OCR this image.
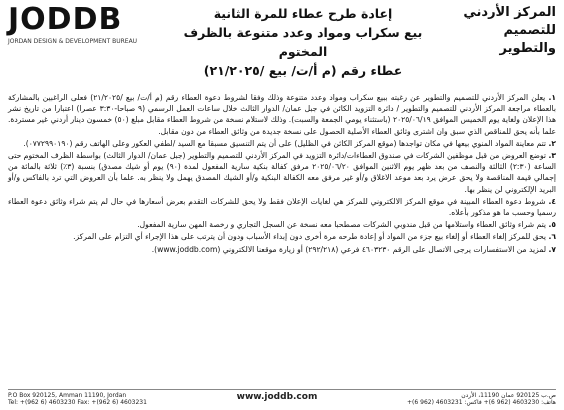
JODDB
JORDAN DESIGN & DEVELOPMENT BUREAU
إعادة طرح عطاء للمرة الثانية
بيع سكراب ومواد وعدد متنوعة بالظرف المختوم
عطاء رقم (م أ/ت/ بيع /٢١/٢٠٢٥)
المركز الأردني
للتصميم والتطوير
١. يعلن المركز الأردني للتصميم والتطوير عن رغبته ببيع سكراب ومواد وعدد متنوعة وذلك وفقا لشروط دعوة العطاء رقم (م أ/ت/ بيع /٢١/٢٠٢٥) فعلى الراغبين بالمشاركة بالعطاء مراجعة المركز الأردني للتصميم والتطوير / دائرة التزويد الكائن في جبل عمان/ الدوار الثالث خلال ساعات العمل الرسمي (٩ صباحا-٣:٣٠ عصرا) اعتبارا من تاريخ نشر هذا الإعلان ولغاية يوم الخميس الموافق ٢٠٢٥/٠٦/١٩ (باستثناء يومي الجمعة والسبت). وذلك لاستلام نسخة من شروط العطاء مقابل مبلغ (٥٠) خمسون دينار أردني غير مستردة. علما بأنه يحق للمناقص الذي سبق وان اشترى وثائق العطاء الأصلية الحصول على نسخة جديدة من وثائق العطاء من دون مقابل.
٢. تتم معاينة المواد المنوي بيعها في مكان تواجدها (موقع المركز الكائن في الظليل) على أن يتم التنسيق مسبقا مع السيد /لطفي العكور وعلى الهاتف رقم (٠٧٧٢٩٩٠١٩٠).
٣. توضع العروض من قبل موظفين الشركات في صندوق العطاءات/دائرة التزويد في المركز الأردني للتصميم والتطوير (جبل عمان/ الدوار الثالث) بواسطة الظرف المختوم حتى الساعة (٢:٣٠) الثالثة والنصف من بعد ظهر يوم الاثنين الموافق ٢٠٢٥/٠٦/٢٠ مرفق كفالة بنكية سارية المفعول لمدة (٩٠) يوم أو شيك مصدق) بنسبة (٣٪) ثلاثة بالمائة من إجمالي قيمة المناقصة ولا يحق عرض يرد بعد موعد الاغلاق و/أو غير مرفق معه الكفالة البنكية و/أو الشيك المصدق يهمل ولا ينظر به. علما بأن العروض التي ترد بالفاكس و/أو البريد الإلكتروني لن ينظر بها.
٤. شروط دعوة العطاء المبينة في موقع المركز الالكتروني للمركز هي لغايات الإعلان فقط ولا يحق للشركات التقدم بعرض أسعارها في حال لم يتم شراء وثائق دعوة العطاء رسميا وحسب ما هو مذكور بأعلاه.
٥. يتم شراء وثائق العطاء واستلامها من قبل مندوبي الشركات مصطحبا معه نسخة عن السجل التجاري و رخصة المهن سارية المفعول.
٦. يحق للمركز إلغاء العطاء أو إلغاء بيع جزء من المواد أو إعادة طرحه مرة أخرى دون إبداء الأسباب ودون أن يترتب على هذا الإجراء أي التزام على المركز.
٧. لمزيد من الاستفسارات يرجى الاتصال على الرقم ٤٦٠٣٢٣٠ فرعي (٢٩٢/٢١٨) أو زيارة موقعنا الالكتروني (www.joddb.com).
P.O Box 920125, Amman 11190, Jordan
Tel: +(962 6) 4603230 Fax: +(962 6) 4603231
www.joddb.com	ص.ب 920125 عمان 11190، الأردن
هاتف: 4603230 (962 6)+ فاكس: 4603231 (962 6)+
